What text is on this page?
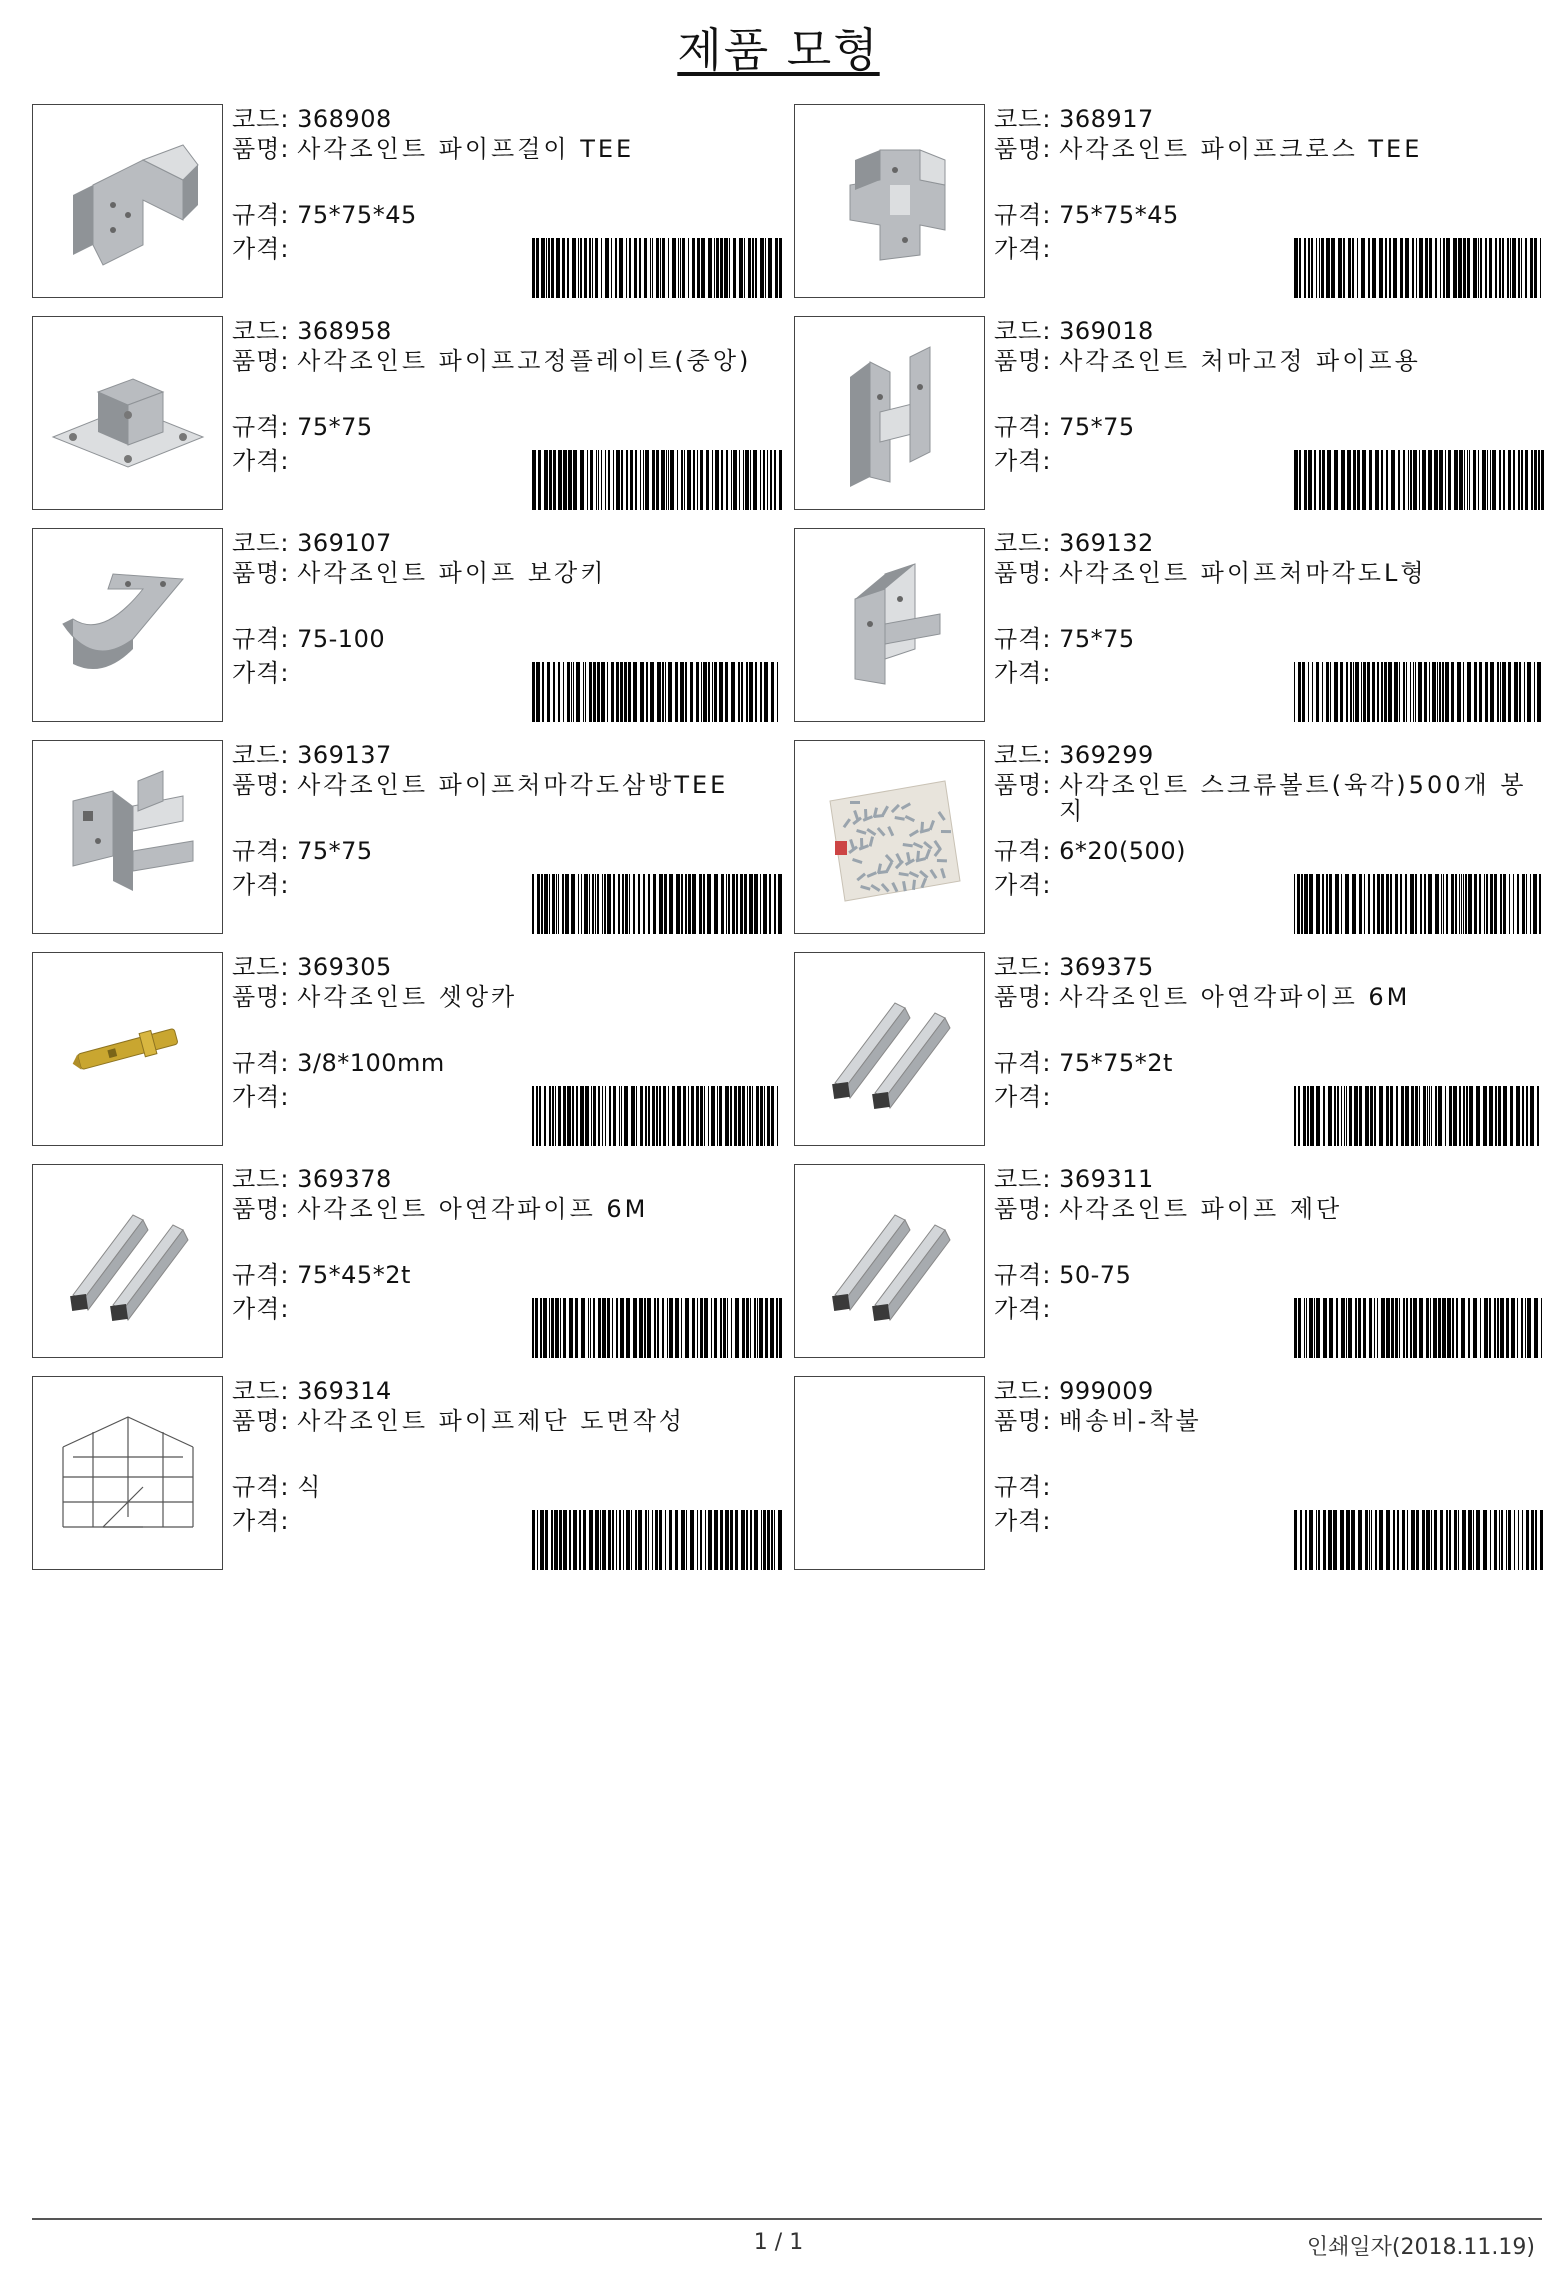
제품 모형
코드: 368908
품명:
사각조인트 파이프걸이 TEE
규격: 75*75*45
가격:
코드: 368917
품명:
사각조인트 파이프크로스 TEE
규격: 75*75*45
가격:
코드: 368958
품명:
사각조인트 파이프고정플레이트(중앙)
규격: 75*75
가격:
코드: 369018
품명:
사각조인트 처마고정 파이프용
규격: 75*75
가격:
코드: 369107
품명:
사각조인트 파이프 보강키
규격: 75-100
가격:
코드: 369132
품명:
사각조인트 파이프처마각도L형
규격: 75*75
가격:
코드: 369137
품명:
사각조인트 파이프처마각도삼방TEE
규격: 75*75
가격:
코드: 369299
품명:
사각조인트 스크류볼트(육각)500개 봉지
규격: 6*20(500)
가격:
코드: 369305
품명:
사각조인트 셋앙카
규격: 3/8*100mm
가격:
코드: 369375
품명:
사각조인트 아연각파이프 6M
규격: 75*75*2t
가격:
코드: 369378
품명:
사각조인트 아연각파이프 6M
규격: 75*45*2t
가격:
코드: 369311
품명:
사각조인트 파이프 제단
규격: 50-75
가격:
코드: 369314
품명:
사각조인트 파이프제단 도면작성
규격: 식
가격:
코드: 999009
품명:
배송비-착불
규격:
가격:
1 / 1	인쇄일자(2018.11.19)
